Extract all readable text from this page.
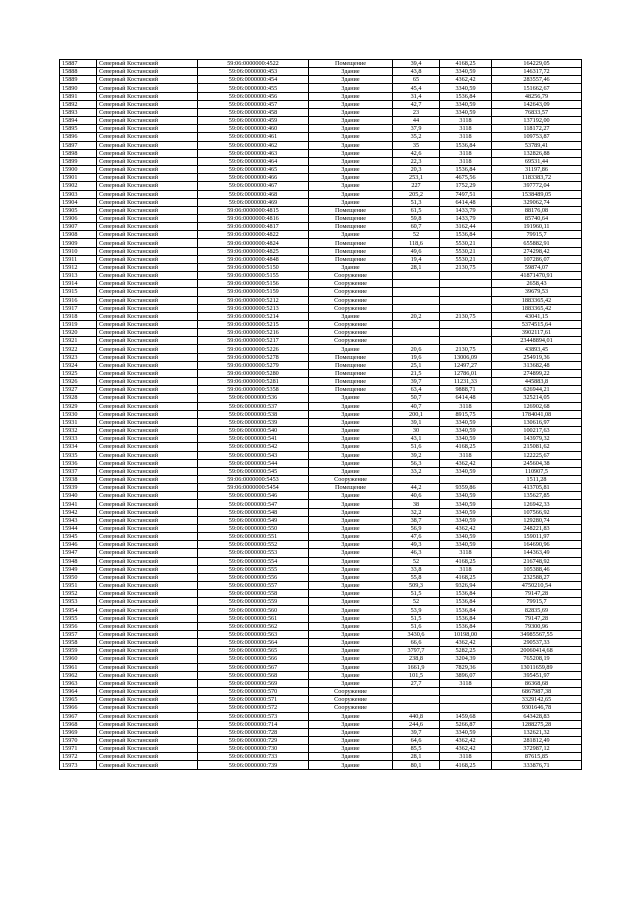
15887	Северный Костанский	59:06:0000000:4522	Помещение	39,4	4168,25	164229,05
15888	Северный Костанский	59:06:0000000:453	Здание	43,8	3340,59	146317,72
15889	Северный Костанский	59:06:0000000:454	Здание	65	4362,42	283557,46
15890	Северный Костанский	59:06:0000000:455	Здание	45,4	3340,59	151662,67
15891	Северный Костанский	59:06:0000000:456	Здание	31,4	1536,84	48256,79
15892	Северный Костанский	59:06:0000000:457	Здание	42,7	3340,59	142643,09
15893	Северный Костанский	59:06:0000000:458	Здание	23	3340,59	76833,57
15894	Северный Костанский	59:06:0000000:459	Здание	44	3118	137192,00
15895	Северный Костанский	59:06:0000000:460	Здание	37,9	3118	118172,27
15896	Северный Костанский	59:06:0000000:461	Здание	35,2	3118	109753,87
15897	Северный Костанский	59:06:0000000:462	Здание	35	1536,84	53789,41
15898	Северный Костанский	59:06:0000000:463	Здание	42,6	3118	132826,88
15899	Северный Костанский	59:06:0000000:464	Здание	22,3	3118	69531,44
15900	Северный Костанский	59:06:0000000:465	Здание	20,3	1536,84	31197,86
15901	Северный Костанский	59:06:0000000:466	Здание	253,1	4675,56	1183383,72
15902	Северный Костанский	59:06:0000000:467	Здание	227	1752,29	397772,04
15903	Северный Костанский	59:06:0000000:468	Здание	205,2	7497,51	1538489,05
15904	Северный Костанский	59:06:0000000:469	Здание	51,3	6414,48	329062,74
15905	Северный Костанский	59:06:0000000:4815	Помещение	61,5	1433,79	88176,08
15906	Северный Костанский	59:06:0000000:4816	Помещение	59,8	1433,79	85740,64
15907	Северный Костанский	59:06:0000000:4817	Помещение	60,7	3162,44	191960,11
15908	Северный Костанский	59:06:0000000:4822	Здание	52	1536,84	79915,7
15909	Северный Костанский	59:06:0000000:4824	Помещение	118,6	5530,21	655882,91
15910	Северный Костанский	59:06:0000000:4825	Помещение	49,6	5530,21	274298,42
15911	Северный Костанский	59:06:0000000:4848	Помещение	19,4	5530,21	107286,07
15912	Северный Костанский	59:06:0000000:5150	Здание	28,1	2130,75	59874,07
15913	Северный Костанский	59:06:0000000:5155	Сооружение			41871470,91
15914	Северный Костанский	59:06:0000000:5156	Сооружение			2658,43
15915	Северный Костанский	59:06:0000000:5159	Сооружение			39679,53
15916	Северный Костанский	59:06:0000000:5212	Сооружение			1883365,42
15917	Северный Костанский	59:06:0000000:5213	Сооружение			1883365,42
15918	Северный Костанский	59:06:0000000:5214	Здание	20,2	2130,75	43041,15
15919	Северный Костанский	59:06:0000000:5215	Сооружение			5374515,64
15920	Северный Костанский	59:06:0000000:5216	Сооружение			3902117,61
15921	Северный Костанский	59:06:0000000:5217	Сооружение			23448894,01
15922	Северный Костанский	59:06:0000000:5226	Здание	20,6	2130,75	43893,45
15923	Северный Костанский	59:06:0000000:5278	Помещение	19,6	13006,09	254919,36
15924	Северный Костанский	59:06:0000000:5279	Помещение	25,1	12497,27	313682,48
15925	Северный Костанский	59:06:0000000:5280	Помещение	21,5	12786,01	274899,22
15926	Северный Костанский	59:06:0000000:5281	Помещение	39,7	11231,33	445883,8
15927	Северный Костанский	59:06:0000000:5358	Помещение	63,4	9888,71	626944,21
15928	Северный Костанский	59:06:0000000:536	Здание	50,7	6414,48	325214,05
15929	Северный Костанский	59:06:0000000:537	Здание	40,7	3118	126902,68
15930	Северный Костанский	59:06:0000000:538	Здание	200,1	8915,75	1784041,08
15931	Северный Костанский	59:06:0000000:539	Здание	39,1	3340,59	130616,97
15932	Северный Костанский	59:06:0000000:540	Здание	30	3340,59	100217,63
15933	Северный Костанский	59:06:0000000:541	Здание	43,1	3340,59	143979,32
15934	Северный Костанский	59:06:0000000:542	Здание	51,6	4168,25	215081,62
15935	Северный Костанский	59:06:0000000:543	Здание	39,2	3118	122225,67
15936	Северный Костанский	59:06:0000000:544	Здание	56,3	4362,42	245604,38
15937	Северный Костанский	59:06:0000000:545	Здание	33,2	3340,59	110907,5
15938	Северный Костанский	59:06:0000000:5453	Сооружение			1511,28
15939	Северный Костанский	59:06:0000000:5454	Помещение	44,2	9359,86	413705,81
15940	Северный Костанский	59:06:0000000:546	Здание	40,6	3340,59	135627,85
15941	Северный Костанский	59:06:0000000:547	Здание	38	3340,59	126942,33
15942	Северный Костанский	59:06:0000000:548	Здание	32,2	3340,59	107566,92
15943	Северный Костанский	59:06:0000000:549	Здание	38,7	3340,59	129280,74
15944	Северный Костанский	59:06:0000000:550	Здание	56,9	4362,42	248221,83
15945	Северный Костанский	59:06:0000000:551	Здание	47,6	3340,59	159011,97
15946	Северный Костанский	59:06:0000000:552	Здание	49,3	3340,59	164690,96
15947	Северный Костанский	59:06:0000000:553	Здание	46,3	3118	144363,49
15948	Северный Костанский	59:06:0000000:554	Здание	52	4168,25	216748,92
15949	Северный Костанский	59:06:0000000:555	Здание	33,8	3118	105388,46
15950	Северный Костанский	59:06:0000000:556	Здание	55,8	4168,25	232588,27
15951	Северный Костанский	59:06:0000000:557	Здание	509,3	9326,94	4750210,54
15952	Северный Костанский	59:06:0000000:558	Здание	51,5	1536,84	79147,28
15953	Северный Костанский	59:06:0000000:559	Здание	52	1536,84	79915,7
15954	Северный Костанский	59:06:0000000:560	Здание	53,9	1536,84	82835,69
15955	Северный Костанский	59:06:0000000:561	Здание	51,5	1536,84	79147,28
15956	Северный Костанский	59:06:0000000:562	Здание	51,6	1536,84	79300,96
15957	Северный Костанский	59:06:0000000:563	Здание	3430,6	10198,00	34985567,55
15958	Северный Костанский	59:06:0000000:564	Здание	66,6	4362,42	290537,33
15959	Северный Костанский	59:06:0000000:565	Здание	3797,7	5282,25	20060414,68
15960	Северный Костанский	59:06:0000000:566	Здание	238,8	3204,39	765208,19
15961	Северный Костанский	59:06:0000000:567	Здание	1661,9	7829,36	13011659,89
15962	Северный Костанский	59:06:0000000:568	Здание	101,5	3896,07	395451,97
15963	Северный Костанский	59:06:0000000:569	Здание	27,7	3118	86368,68
15964	Северный Костанский	59:06:0000000:570	Сооружение			6867987,38
15965	Северный Костанский	59:06:0000000:571	Сооружение			3329142,65
15966	Северный Костанский	59:06:0000000:572	Сооружение			9301646,78
15967	Северный Костанский	59:06:0000000:573	Здание	440,8	1459,68	643428,83
15968	Северный Костанский	59:06:0000000:714	Здание	244,6	5266,87	1288275,28
15969	Северный Костанский	59:06:0000000:728	Здание	39,7	3340,59	132621,32
15970	Северный Костанский	59:06:0000000:729	Здание	64,6	4362,42	281812,49
15971	Северный Костанский	59:06:0000000:730	Здание	85,5	4362,42	372987,12
15972	Северный Костанский	59:06:0000000:733	Здание	28,1	3118	87615,85
15973	Северный Костанский	59:06:0000000:739	Здание	80,1	4168,25	333876,71
